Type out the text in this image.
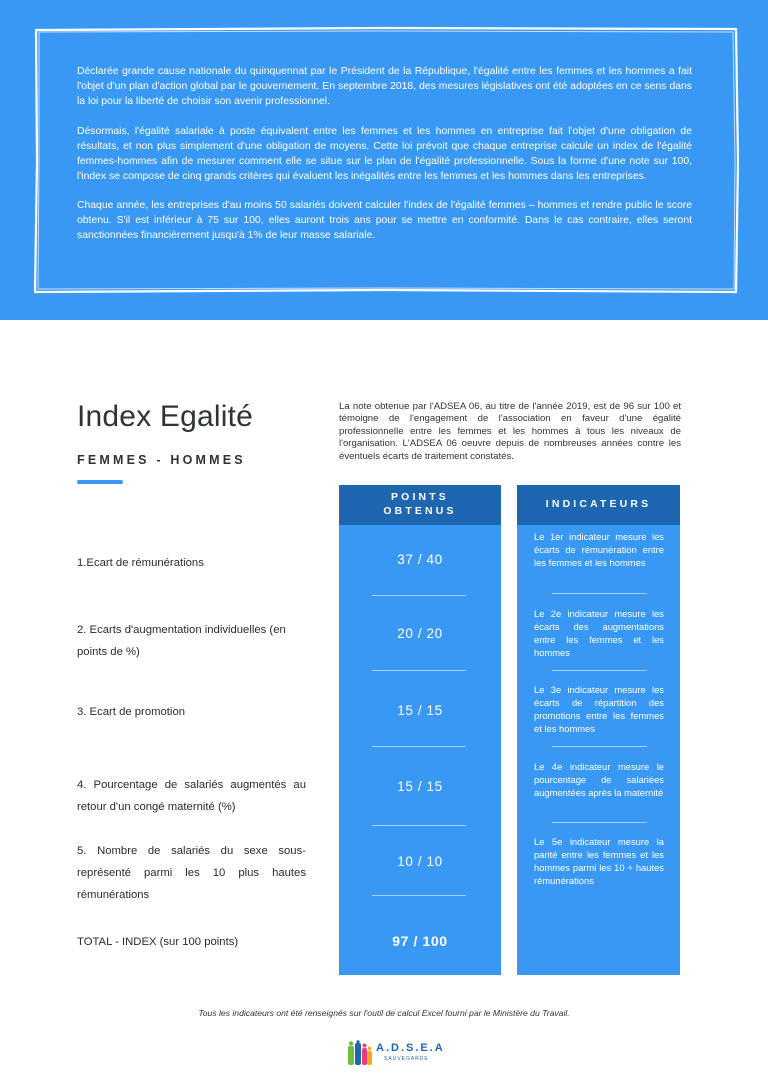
Déclarée grande cause nationale du quinquennat par le Président de la République, l'égalité entre les femmes et les hommes a fait l'objet d'un plan d'action global par le gouvernement. En septembre 2018, des mesures législatives ont été adoptées en ce sens dans la loi pour la liberté de choisir son avenir professionnel.

Désormais, l'égalité salariale à poste équivalent entre les femmes et les hommes en entreprise fait l'objet d'une obligation de résultats, et non plus simplement d'une obligation de moyens. Cette loi prévoit que chaque entreprise calcule un index de l'égalité femmes-hommes afin de mesurer comment elle se situe sur le plan de l'égalité professionnelle. Sous la forme d'une note sur 100, l'index se compose de cinq grands critères qui évaluent les inégalités entre les femmes et les hommes dans les entreprises.

Chaque année, les entreprises d'au moins 50 salariés doivent calculer l'index de l'égalité femmes – hommes et rendre public le score obtenu. S'il est inférieur à 75 sur 100, elles auront trois ans pour se mettre en conformité. Dans le cas contraire, elles seront sanctionnées financièrement jusqu'à 1% de leur masse salariale.

Index Egalité
FEMMES - HOMMES
La note obtenue par l'ADSEA 06, au titre de l'année 2019, est de 96 sur 100 et témoigne de l'engagement de l'association en faveur d'une égalité professionnelle entre les femmes et les hommes à tous les niveaux de l'organisation. L'ADSEA 06 oeuvre depuis de nombreuses années contre les éventuels écarts de traitement constatés.
POINTS
OBTENUS
INDICATEURS
1.Ecart de rémunérations
2. Ecarts d'augmentation individuelles (en points de %)
3. Ecart de promotion
4. Pourcentage de salariés augmentés au retour d'un congé maternité (%)
5. Nombre de salariés du sexe sous-représenté parmi les 10 plus hautes rémunérations
TOTAL - INDEX (sur 100 points)
37 / 40
20 / 20
15 / 15
15 / 15
10 / 10
97 / 100
Le 1er indicateur mesure les écarts de rémunération entre les femmes et les hommes
Le 2e indicateur mesure les écarts des augmentations entre les femmes et les hommes
Le 3e indicateur mesure les écarts de répartition des promotions entre les femmes et les hommes
Le 4e indicateur mesure le pourcentage de salariées augmentées après la maternité
Le 5e indicateur mesure la parité entre les femmes et les hommes parmi les 10 + hautes rémunérations
Tous les indicateurs ont été renseignés sur l'outil de calcul Excel fourni par le Ministère du Travail.
A.D.S.E.A
SAUVEGARDE
